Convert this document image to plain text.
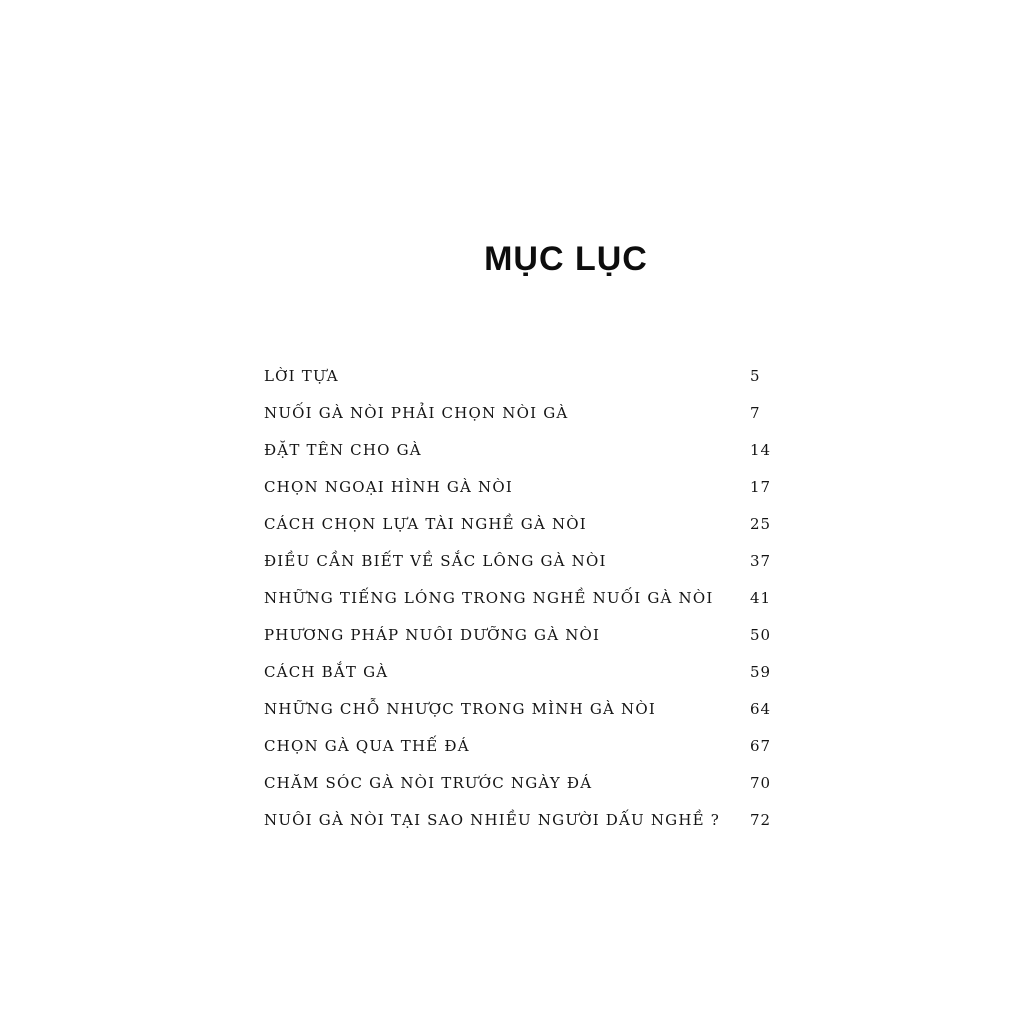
MỤC LỤC
LỜI TỰA	5
NUỐI GÀ NÒI PHẢI CHỌN NÒI GÀ	7
ĐẶT TÊN CHO GÀ	14
CHỌN NGOẠI HÌNH GÀ NÒI	17
CÁCH CHỌN LỰA TÀI NGHỀ GÀ NÒI	25
ĐIỀU CẦN BIẾT VỀ SẮC LÔNG GÀ NÒI	37
NHỮNG TIẾNG LÓNG TRONG NGHỀ NUỐI GÀ NÒI 41
PHƯƠNG PHÁP NUÔI DƯỠNG GÀ NÒI	50
CÁCH BẮT GÀ	59
NHỮNG CHỖ NHƯỢC TRONG MÌNH GÀ NÒI	64
CHỌN GÀ QUA THẾ ĐÁ	67
CHĂM SÓC GÀ NÒI TRƯỚC NGÀY ĐÁ	70
NUÔI GÀ NÒI TẠI SAO NHIỀU NGƯỜI DẤU NGHỀ ? 72
